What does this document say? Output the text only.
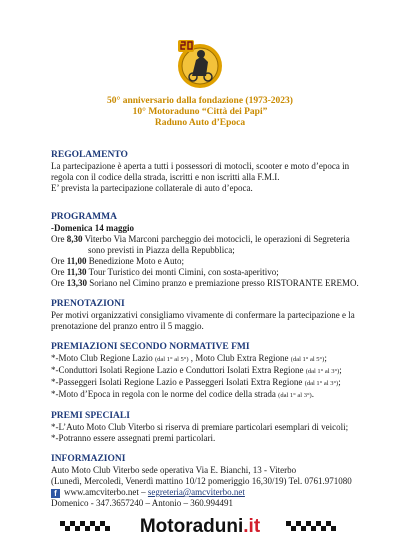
50° anniversario dalla fondazione (1973-2023)
10° Motoraduno “Città dei Papi”
Raduno Auto d’Epoca

REGOLAMENTO

La partecipazione è aperta a tutti i possessori di motocli, scooter e moto d’epoca in

regola con il codice della strada, iscritti e non iscritti alla F.M.I.

E’ prevista la partecipazione collaterale di auto d’epoca.

PROGRAMMA

-Domenica 14 maggio

Ore 8,30 Viterbo Via Marconi parcheggio dei motocicli, le operazioni di Segreteria

sono previsti in Piazza della Repubblica;

Ore 11,00 Benedizione Moto e Auto;

Ore 11,30 Tour Turistico dei monti Cimini, con sosta-aperitivo;

Ore 13,30 Soriano nel Cimino pranzo e premiazione presso RISTORANTE EREMO.

PRENOTAZIONI

Per motivi organizzativi consigliamo vivamente di confermare la partecipazione e la

prenotazione del pranzo entro il 5 maggio.

PREMIAZIONI SECONDO NORMATIVE FMI

*-Moto Club Regione Lazio (dal 1° al 5°) , Moto Club Extra Regione (dal 1° al 5°);

*-Conduttori Isolati Regione Lazio e Conduttori Isolati Extra Regione (dal 1° al 3°);

*-Passeggeri Isolati Regione Lazio e Passeggeri Isolati Extra Regione (dal 1° al 3°);

*-Moto d’Epoca in regola con le norme del codice della strada (dal 1° al 3°).

PREMI SPECIALI

*-L’Auto Moto Club Viterbo si riserva di premiare particolari esemplari di veicoli;

*-Potranno essere assegnati premi particolari.

INFORMAZIONI

Auto Moto Club Viterbo sede operativa Via E. Bianchi, 13 - Viterbo

(Lunedì, Mercoledì, Venerdì mattino 10/12 pomeriggio 16,30/19) Tel. 0761.971080

f www.amcviterbo.net – segreteria@amcviterbo.net

Domenico - 347.3657240 – Antonio – 360.994491

Motoraduni.it
